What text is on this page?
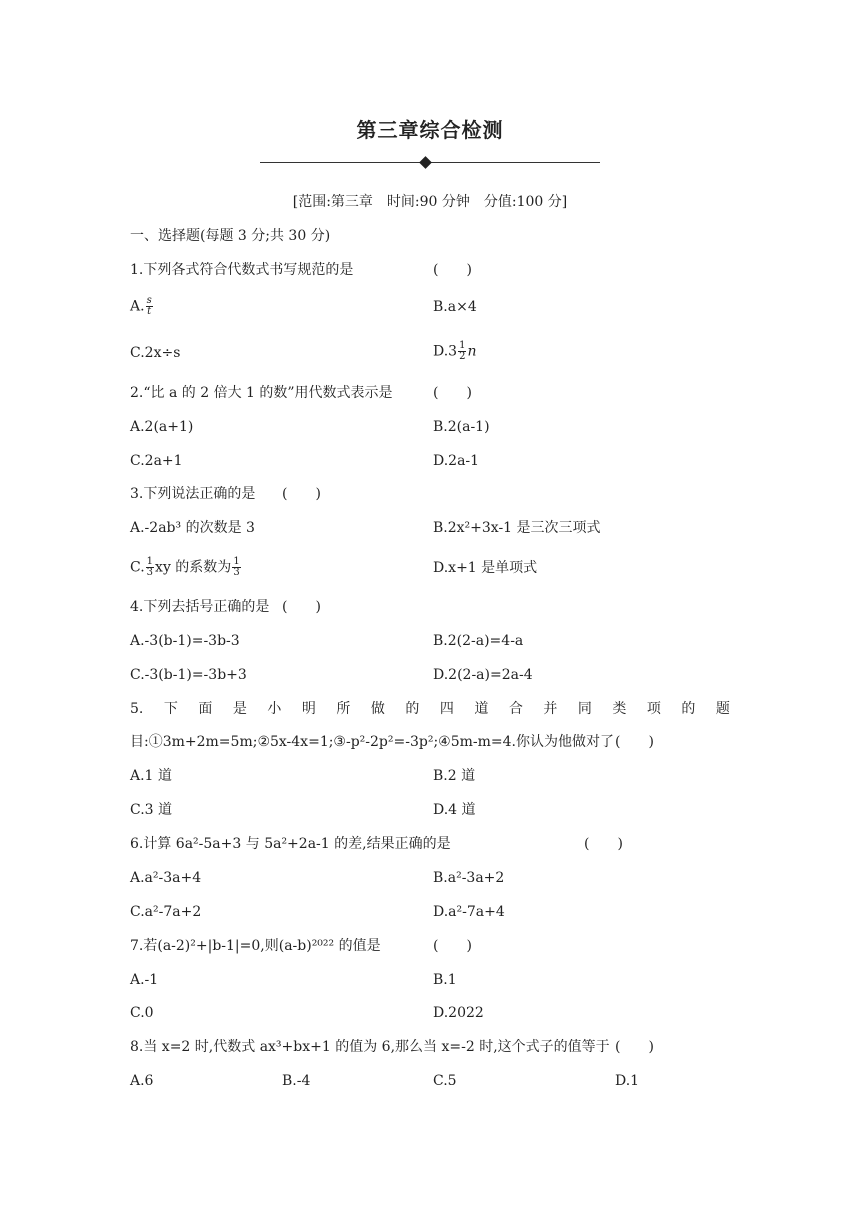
第三章综合检测
[范围:第三章　时间:90 分钟　分值:100 分]
一、选择题(每题 3 分;共 30 分)
1.下列各式符合代数式书写规范的是	(　　)
A. $\frac{s}{t}$	B.a×4
C.2x÷s	$D.3 \frac{1}{2}$ n
2.“比 a 的 2 倍大 1 的数”用代数式表示是	(　　)
A.2(a+1)	B.2(a-1)
C.2a+1	D.2a-1
3.下列说法正确的是 (　　)
A.-2ab³ 的次数是 3	B.2x²+3x-1 是三次三项式
C. $\frac{1}{3}$ xy 的系数为 $\frac{1}{3}$	D.x+1 是单项式
4.下列去括号正确的是 (　　)
A.-3(b-1)=-3b-3	B.2(2-a)=4-a
C.-3(b-1)=-3b+3	D.2(2-a)=2a-4
5. 下 面 是 小 明 所 做 的 四 道 合 并 同 类 项 的 题
目:①3m+2m=5m;②5x-4x=1;③-p²-2p²=-3p²;④5m-m=4.你认为他做对了 (　　)
A.1 道	B.2 道
C.3 道	D.4 道
6.计算 6a²-5a+3 与 5a²+2a-1 的差,结果正确的是	(　　)
A.a²-3a+4	B.a²-3a+2
C.a²-7a+2	D.a²-7a+4
7.若(a-2)²+|b-1|=0,则(a-b)²⁰²² 的值是	(　　)
A.-1	B.1
C.0	D.2022
8.当 x=2 时,代数式 ax³+bx+1 的值为 6,那么当 x=-2 时,这个式子的值等于 (　　)
A.6	B.-4	C.5	D.1
